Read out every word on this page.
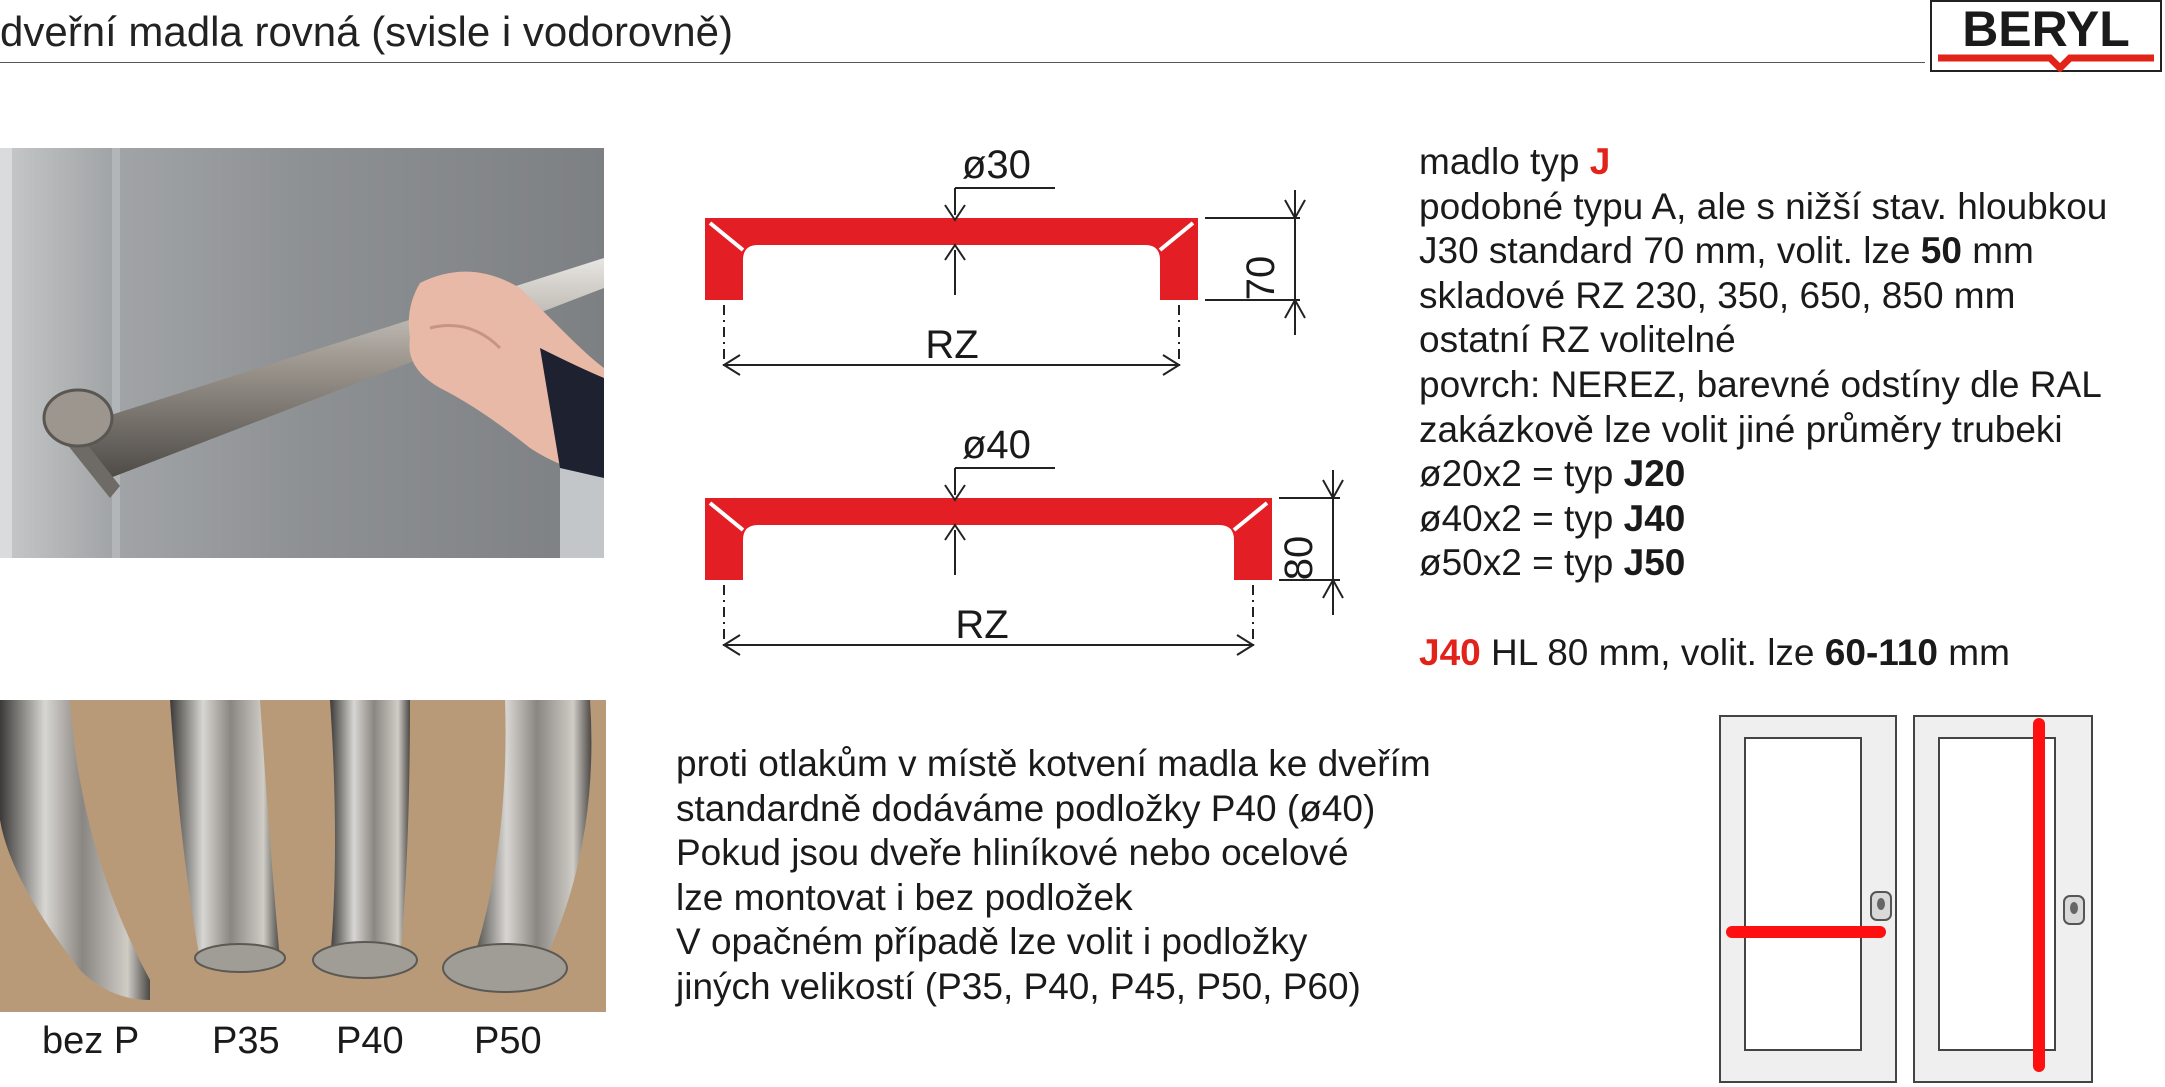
dveřní madla rovná (svisle i vodorovně)	BERYL
bez P P35 P40 P50
ø30
70
RZ
ø40
80
RZ
madlo typ J
podobné typu A, ale s nižší stav. hloubkou
J30 standard 70 mm, volit. lze 50 mm
skladové RZ 230, 350, 650, 850 mm
ostatní RZ volitelné
povrch: NEREZ, barevné odstíny dle RAL
zakázkově lze volit jiné průměry trubeki
ø20x2 = typ J20
ø40x2 = typ J40
ø50x2 = typ J50
J40 HL 80 mm, volit. lze 60-110 mm
proti otlakům v místě kotvení madla ke dveřím
standardně dodáváme podložky P40 (ø40)
Pokud jsou dveře hliníkové nebo ocelové
lze montovat i bez podložek
V opačném případě lze volit i podložky
jiných velikostí (P35, P40, P45, P50, P60)
